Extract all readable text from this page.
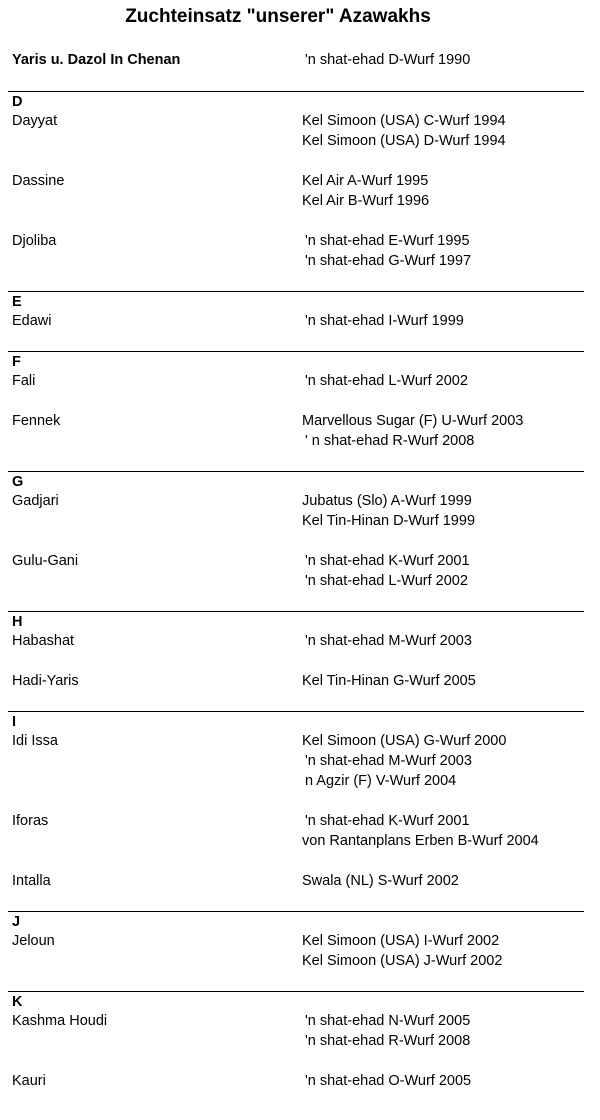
Zuchteinsatz "unserer" Azawakhs
Yaris u. Dazol In Chenan	'n shat-ehad D-Wurf 1990
D
Dayyat	Kel Simoon (USA) C-Wurf 1994
Kel Simoon (USA) D-Wurf 1994
Dassine	Kel Air A-Wurf 1995
Kel Air B-Wurf 1996
Djoliba	'n shat-ehad E-Wurf 1995
'n shat-ehad G-Wurf 1997
E
Edawi	'n shat-ehad I-Wurf 1999
F
Fali	'n shat-ehad L-Wurf 2002
Fennek	Marvellous Sugar (F) U-Wurf 2003
' n shat-ehad R-Wurf 2008
G
Gadjari	Jubatus (Slo) A-Wurf 1999
Kel Tin-Hinan D-Wurf 1999
Gulu-Gani	'n shat-ehad K-Wurf 2001
'n shat-ehad L-Wurf 2002
H
Habashat	'n shat-ehad M-Wurf 2003
Hadi-Yaris	Kel Tin-Hinan G-Wurf 2005
I
Idi Issa	Kel Simoon (USA) G-Wurf 2000
'n shat-ehad M-Wurf 2003
n Agzir (F) V-Wurf 2004
Iforas	'n shat-ehad K-Wurf 2001
von Rantanplans Erben B-Wurf 2004
Intalla	Swala (NL) S-Wurf 2002
J
Jeloun	Kel Simoon (USA) I-Wurf 2002
Kel Simoon (USA) J-Wurf 2002
K
Kashma Houdi	'n shat-ehad N-Wurf 2005
'n shat-ehad R-Wurf 2008
Kauri	'n shat-ehad O-Wurf 2005
